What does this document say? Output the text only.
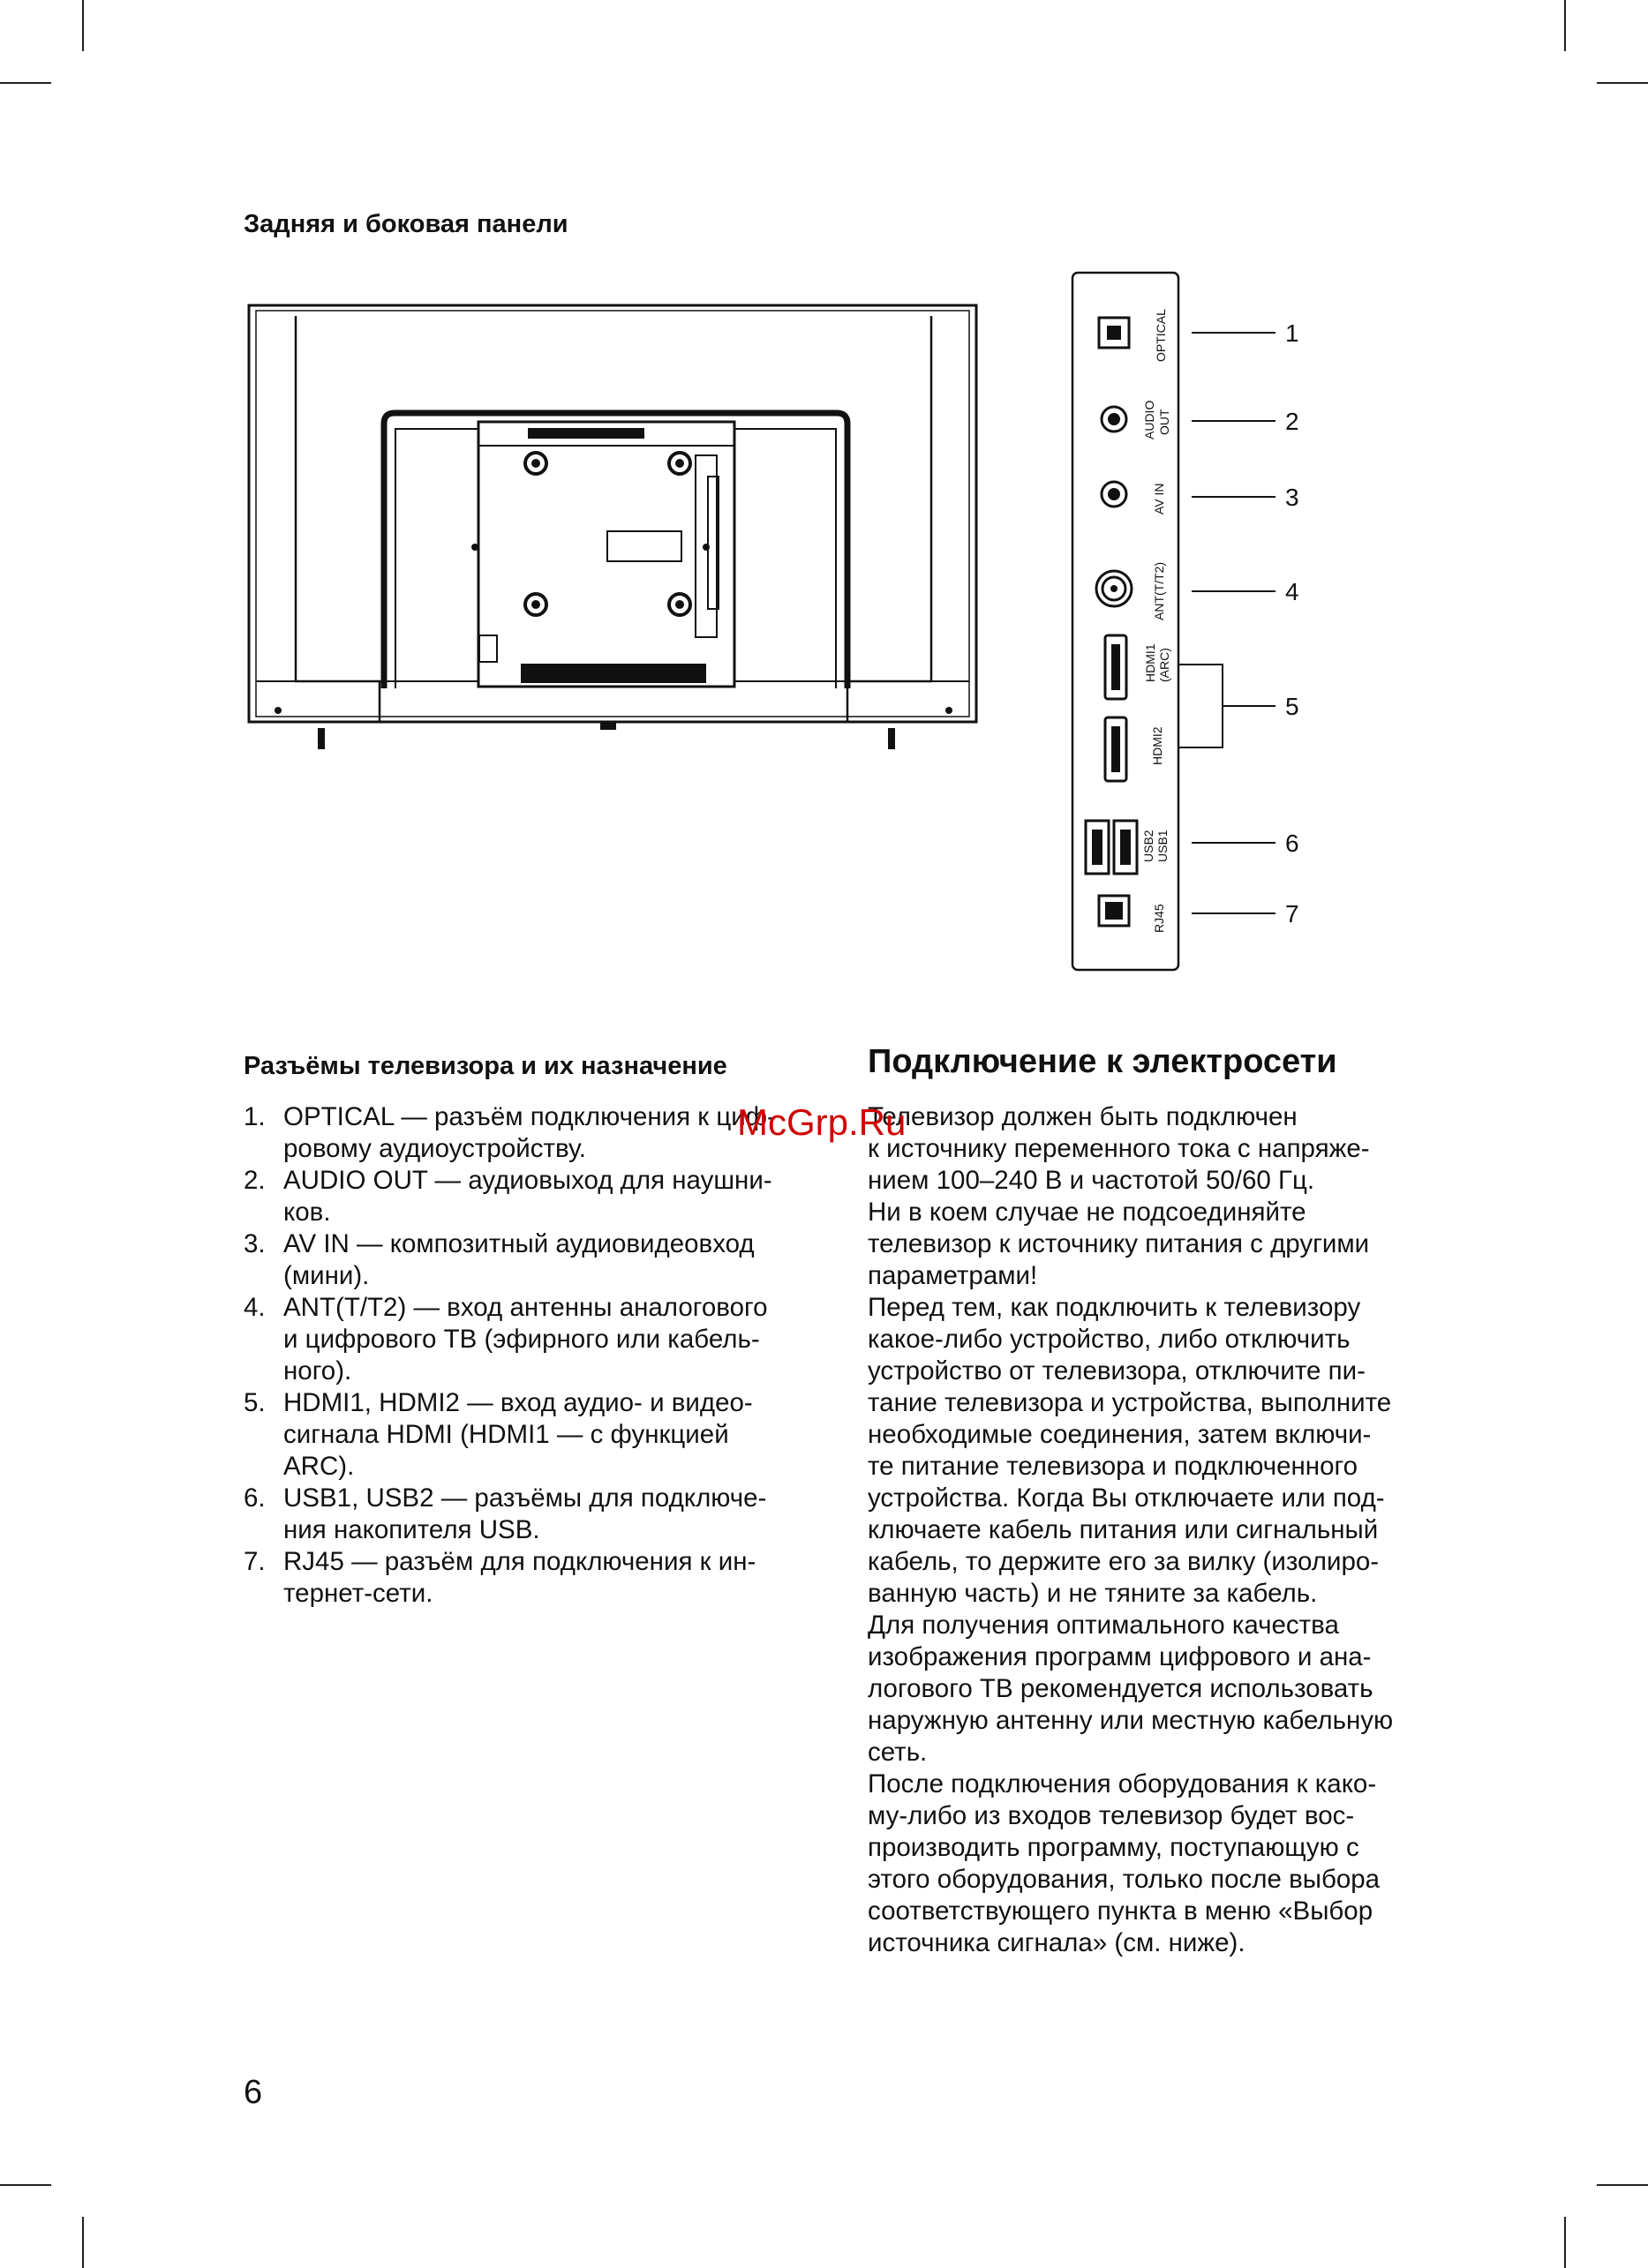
Задняя и боковая панели
OPTICAL
AUDIO OUT
AV IN
ANT(T/T2)
HDMI1 (ARC)
HDMI2
USB2 USB1
RJ45
1
2
3
4
5
6
7
Разъёмы телевизора и их назначение
1. OPTICAL — разъём подключения к циф-
ровому аудиоустройству.
2. AUDIO OUT — аудиовыход для наушни-
ков.
3. AV IN — композитный аудиовидеовход
(мини).
4. ANT(T/T2) — вход антенны аналогового
и цифрового ТВ (эфирного или кабель-
ного).
5. HDMI1, HDMI2 — вход аудио- и видео-
сигнала HDMI (HDMI1 — с функцией
ARC).
6. USB1, USB2 — разъёмы для подключе-
ния накопителя USB.
7. RJ45 — разъём для подключения к ин-
тернет-сети.
Подключение к электросети

Телевизор должен быть подключен

к источнику переменного тока с напряже-

нием 100–240 В и частотой 50/60 Гц.

Ни в коем случае не подсоединяйте

телевизор к источнику питания с другими

параметрами!

Перед тем, как подключить к телевизору

какое-либо устройство, либо отключить

устройство от телевизора, отключите пи-

тание телевизора и устройства, выполните

необходимые соединения, затем включи-

те питание телевизора и подключенного

устройства. Когда Вы отключаете или под-

ключаете кабель питания или сигнальный

кабель, то держите его за вилку (изолиро-

ванную часть) и не тяните за кабель.

Для получения оптимального качества

изображения программ цифрового и ана-

логового ТВ рекомендуется использовать

наружную антенну или местную кабельную

сеть.

После подключения оборудования к како-

му-либо из входов телевизор будет вос-

производить программу, поступающую с

этого оборудования, только после выбора

соответствующего пункта в меню «Выбор

источника сигнала» (см. ниже).

McGrp.Ru
6
